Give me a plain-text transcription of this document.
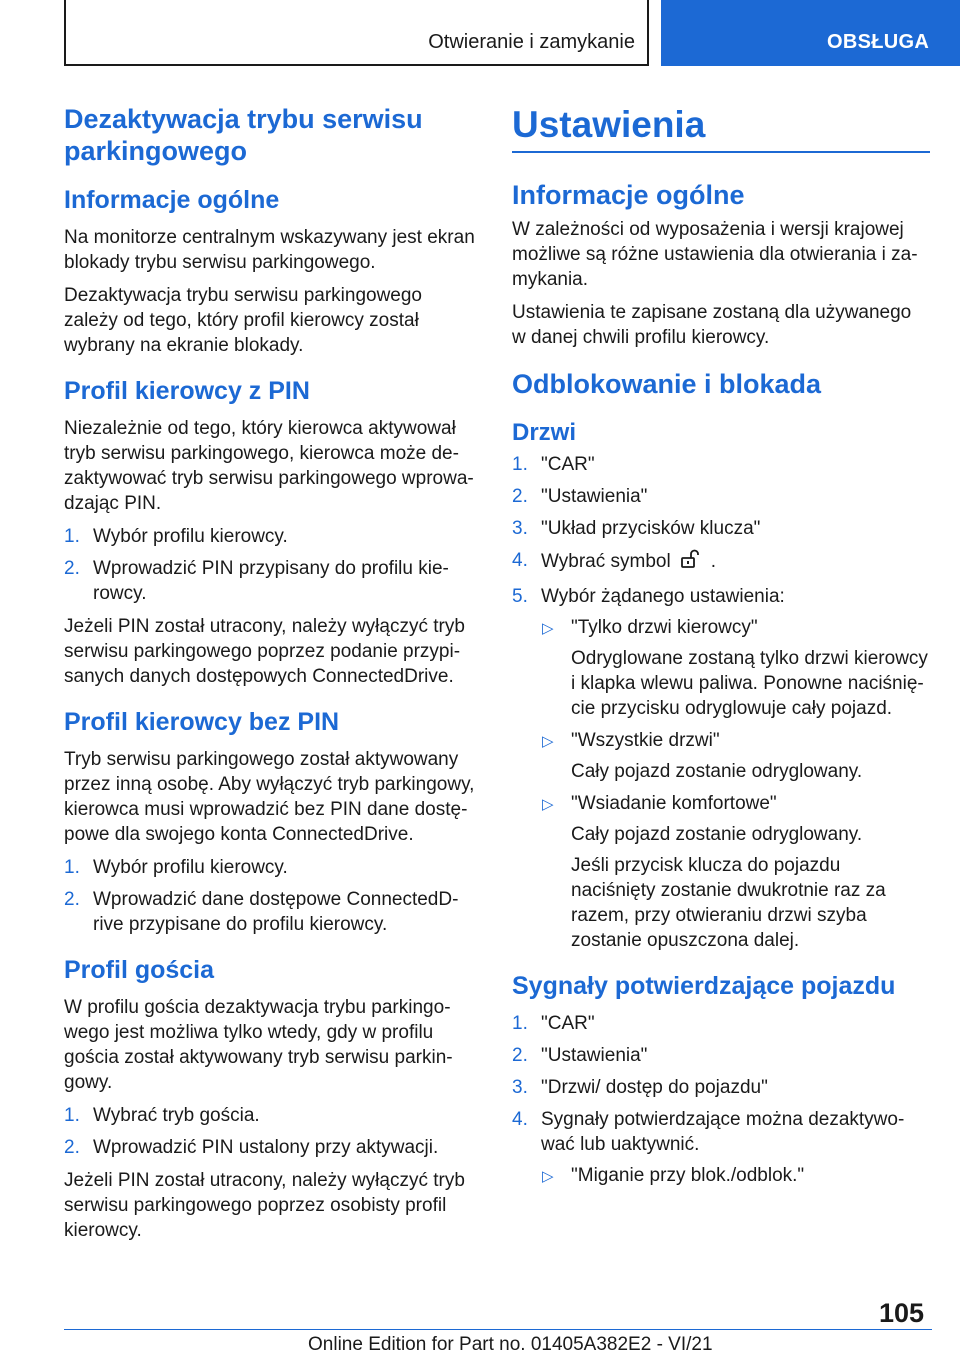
Otwieranie i zamykanie	OBSŁUGA
Dezaktywacja trybu serwisu parkingowego
Informacje ogólne

Na monitorze centralnym wskazywany jest ekran blokady trybu serwisu parkingowego.

Dezaktywacja trybu serwisu parkingowego zależy od tego, który profil kierowcy został wybrany na ekranie blokady.

Profil kierowcy z PIN

Niezależnie od tego, który kierowca aktywował tryb serwisu parkingowego, kierowca może dezaktywować tryb serwisu parkingowego wprowadzając PIN.

1. Wybór profilu kierowcy.
2. Wprowadzić PIN przypisany do profilu kierowcy.

Jeżeli PIN został utracony, należy wyłączyć tryb serwisu parkingowego poprzez podanie przypisanych danych dostępowych ConnectedDrive.

Profil kierowcy bez PIN

Tryb serwisu parkingowego został aktywowany przez inną osobę. Aby wyłączyć tryb parkingowy, kierowca musi wprowadzić bez PIN dane dostępowe dla swojego konta ConnectedDrive.

1. Wybór profilu kierowcy.
2. Wprowadzić dane dostępowe ConnectedDrive przypisane do profilu kierowcy.
Profil gościa

W profilu gościa dezaktywacja trybu parkingowego jest możliwa tylko wtedy, gdy w profilu gościa został aktywowany tryb serwisu parkingowy.

1. Wybrać tryb gościa.
2. Wprowadzić PIN ustalony przy aktywacji.

Jeżeli PIN został utracony, należy wyłączyć tryb serwisu parkingowego poprzez osobisty profil kierowcy.

Ustawienia
Informacje ogólne

W zależności od wyposażenia i wersji krajowej możliwe są różne ustawienia dla otwierania i zamykania.

Ustawienia te zapisane zostaną dla używanego w danej chwili profilu kierowcy.

Odblokowanie i blokada
Drzwi
1. "CAR"
2. "Ustawienia"
3. "Układ przycisków klucza"
4. Wybrać symbol .
5. Wybór żądanego ustawienia:
▷ "Tylko drzwi kierowcy"

Odryglowane zostaną tylko drzwi kierowcy i klapka wlewu paliwa. Ponowne naciśnięcie przycisku odryglowuje cały pojazd.

▷ "Wszystkie drzwi"

Cały pojazd zostanie odryglowany.

▷ "Wsiadanie komfortowe"

Cały pojazd zostanie odryglowany.

Jeśli przycisk klucza do pojazdu naciśnięty zostanie dwukrotnie raz za razem, przy otwieraniu drzwi szyba zostanie opuszczona dalej.

Sygnały potwierdzające pojazdu
1. "CAR"
2. "Ustawienia"
3. "Drzwi/ dostęp do pojazdu"
4. Sygnały potwierdzające można dezaktywować lub uaktywnić.
▷ "Miganie przy blok./odblok."
105
Online Edition for Part no. 01405A382E2 - VI/21
